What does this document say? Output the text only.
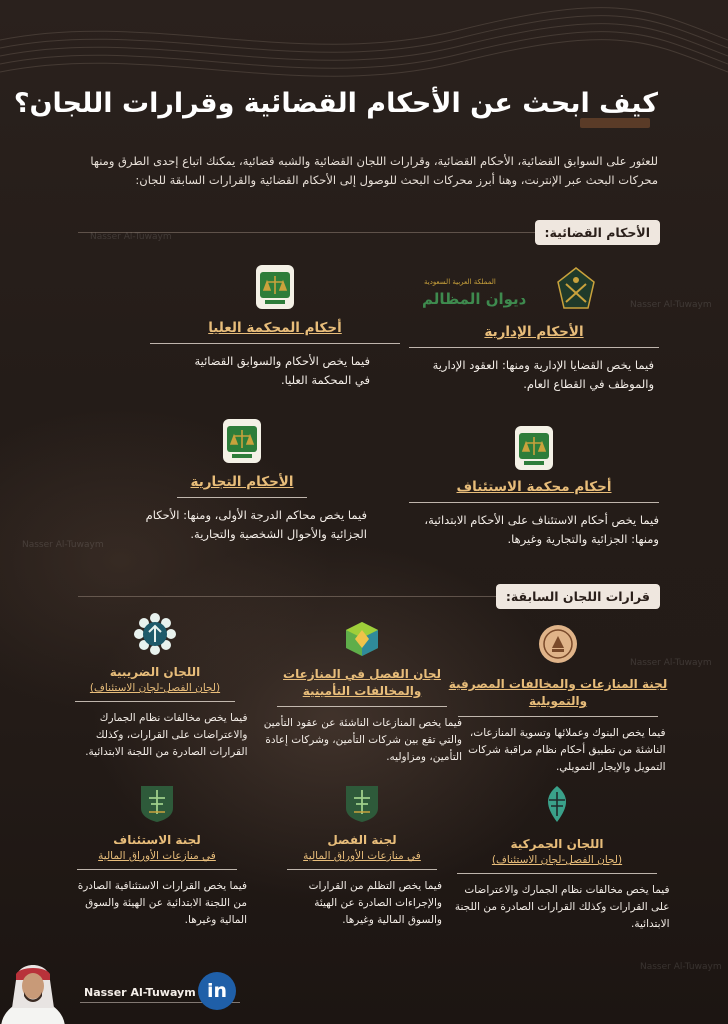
Nasser Al-Tuwaym
Nasser Al-Tuwaym
Nasser Al-Tuwaym
Nasser Al-Tuwaym
Nasser Al-Tuwaym
كيف ابحث عن الأحكام القضائية وقرارات اللجان؟
للعثور على السوابق القضائية، الأحكام القضائية، وقرارات اللجان القضائية والشبه قضائية، يمكنك اتباع إحدى الطرق ومنها محركات البحث عبر الإنترنت، وهنا أبرز محركات البحث للوصول إلى الأحكام القضائية والقرارات السابقة للجان:
الأحكام القضائية:
المملكة العربية السعودية
ديوان المظالم
الأحكام الإدارية
فيما يخص القضايا الإدارية ومنها: العقود الإدارية والموظف في القطاع العام.
أحكام المحكمة العليا
فيما يخص الأحكام والسوابق القضائية في المحكمة العليا.
أحكام محكمة الاستئناف
فيما يخص أحكام الاستئناف على الأحكام الابتدائية، ومنها: الجزائية والتجارية وغيرها.
الأحكام التجارية
فيما يخص محاكم الدرجة الأولى، ومنها: الأحكام الجزائية والأحوال الشخصية والتجارية.
قرارات اللجان السابقة:
لجنة المنازعات والمخالفات المصرفية والتمويلية
فيما يخص البنوك وعملائها وتسوية المنازعات، الناشئة من تطبيق أحكام نظام مراقبة شركات التمويل والإيجار التمويلي.
لجان الفصل في المنازعات والمخالفات التأمينية
فيما يخص المنازعات الناشئة عن عقود التأمين والتي تقع بين شركات التأمين، وشركات إعادة التأمين، ومزاوليه.
اللجان الضريبية
(لجان الفصل-لجان الاستئناف)
فيما يخص مخالفات نظام الجمارك والاعتراضات على القرارات، وكذلك القرارات الصادرة من اللجنة الابتدائية.
اللجان الجمركية
(لجان الفصل-لجان الاستئناف)
فيما يخص مخالفات نظام الجمارك والاعتراضات على القرارات وكذلك القرارات الصادرة من اللجنة الابتدائية.
لجنة الفصل
في منازعات الأوراق المالية
فيما يخص التظلم من القرارات والإجراءات الصادرة عن الهيئة والسوق المالية وغيرها.
لجنة الاستئناف
في منازعات الأوراق المالية
فيما يخص القرارات الاستئنافية الصادرة من اللجنة الابتدائية عن الهيئة والسوق المالية وغيرها.
Nasser Al-Tuwaym in
